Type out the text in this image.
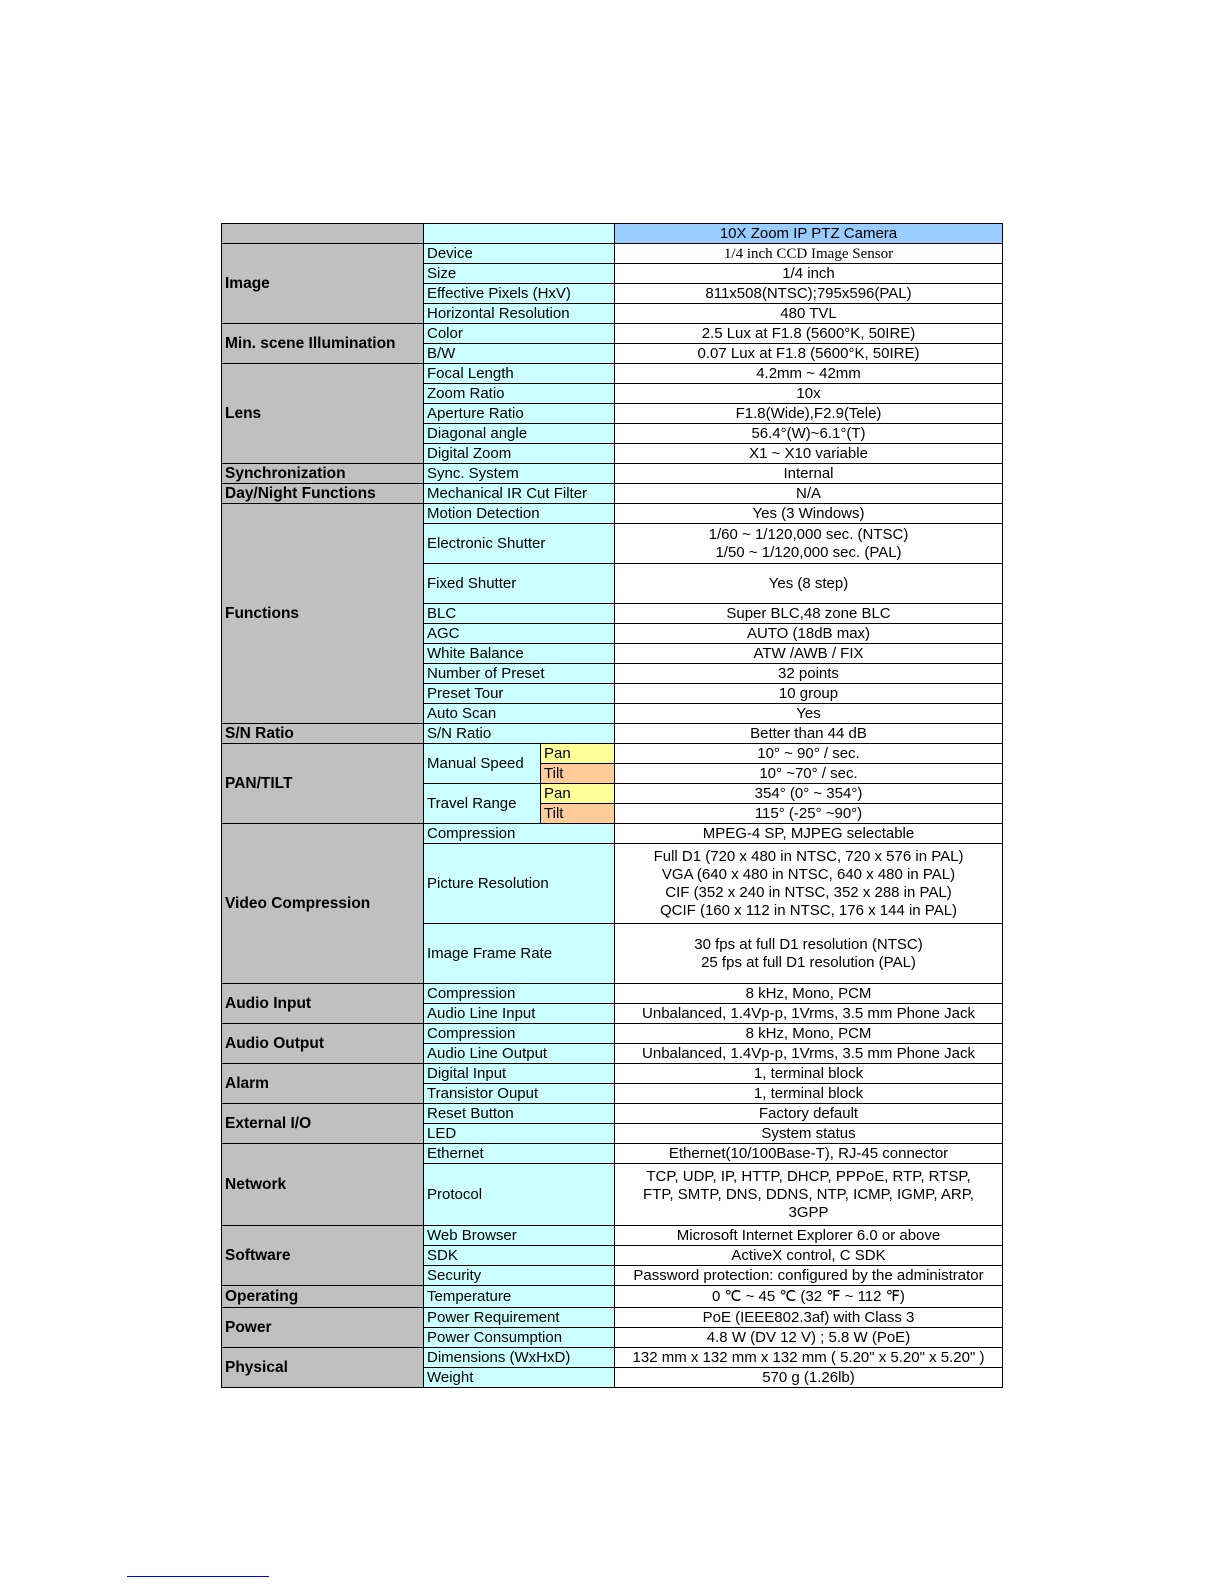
			10X Zoom IP PTZ Camera
Image	Device		1/4 inch CCD Image Sensor
	Size		1/4 inch
	Effective Pixels (HxV)		811x508(NTSC);795x596(PAL)
	Horizontal Resolution		480 TVL
Min. scene Illumination	Color		2.5 Lux at F1.8 (5600°K, 50IRE)
	B/W		0.07 Lux at F1.8 (5600°K, 50IRE)
Lens	Focal Length		4.2mm ~ 42mm
	Zoom Ratio		10x
	Aperture Ratio		F1.8(Wide),F2.9(Tele)
	Diagonal angle		56.4°(W)~6.1°(T)
	Digital Zoom		X1 ~ X10 variable
Synchronization	Sync. System		Internal
Day/Night Functions	Mechanical IR Cut Filter		N/A
Functions	Motion Detection		Yes (3 Windows)
	Electronic Shutter		1/60 ~ 1/120,000 sec. (NTSC)
1/50 ~ 1/120,000 sec. (PAL)

	Fixed Shutter		Yes (8 step)
	BLC		Super BLC,48 zone BLC
	AGC		AUTO (18dB max)
	White Balance		ATW /AWB / FIX
	Number of Preset		32 points
	Preset Tour		10 group
	Auto Scan		Yes
S/N Ratio	S/N Ratio		Better than 44 dB
PAN/TILT	Manual Speed	Pan	10° ~ 90° / sec.
		Tilt	10° ~70° / sec.
	Travel Range	Pan	354° (0° ~ 354°)
		Tilt	115° (-25° ~90°)
Video Compression	Compression		MPEG-4 SP, MJPEG selectable
	Picture Resolution		Full D1 (720 x 480 in NTSC, 720 x 576 in PAL)
VGA (640 x 480 in NTSC, 640 x 480 in PAL)
CIF (352 x 240 in NTSC, 352 x 288 in PAL)
QCIF (160 x 112 in NTSC, 176 x 144 in PAL)

	Image Frame Rate		30 fps at full D1 resolution (NTSC)
25 fps at full D1 resolution (PAL)

Audio Input	Compression		8 kHz, Mono, PCM
	Audio Line Input		Unbalanced, 1.4Vp-p, 1Vrms, 3.5 mm Phone Jack
Audio Output	Compression		8 kHz, Mono, PCM
	Audio Line Output		Unbalanced, 1.4Vp-p, 1Vrms, 3.5 mm Phone Jack
Alarm	Digital Input		1, terminal block
	Transistor Ouput		1, terminal block
External I/O	Reset Button		Factory default
	LED		System status
Network	Ethernet		Ethernet(10/100Base-T), RJ-45 connector
	Protocol		TCP, UDP, IP, HTTP, DHCP, PPPoE, RTP, RTSP,
FTP, SMTP, DNS, DDNS, NTP, ICMP, IGMP, ARP,
3GPP

Software	Web Browser		Microsoft Internet Explorer 6.0 or above
	SDK		ActiveX control, C SDK
	Security		Password protection: configured by the administrator
Operating	Temperature		0 ℃ ~ 45 ℃ (32 ℉ ~ 112 ℉)
Power	Power Requirement		PoE (IEEE802.3af) with Class 3
	Power Consumption		4.8 W (DV 12 V) ; 5.8 W (PoE)
Physical	Dimensions (WxHxD)		132 mm x 132 mm x 132 mm ( 5.20" x 5.20" x 5.20" )
	Weight		570 g (1.26lb)
